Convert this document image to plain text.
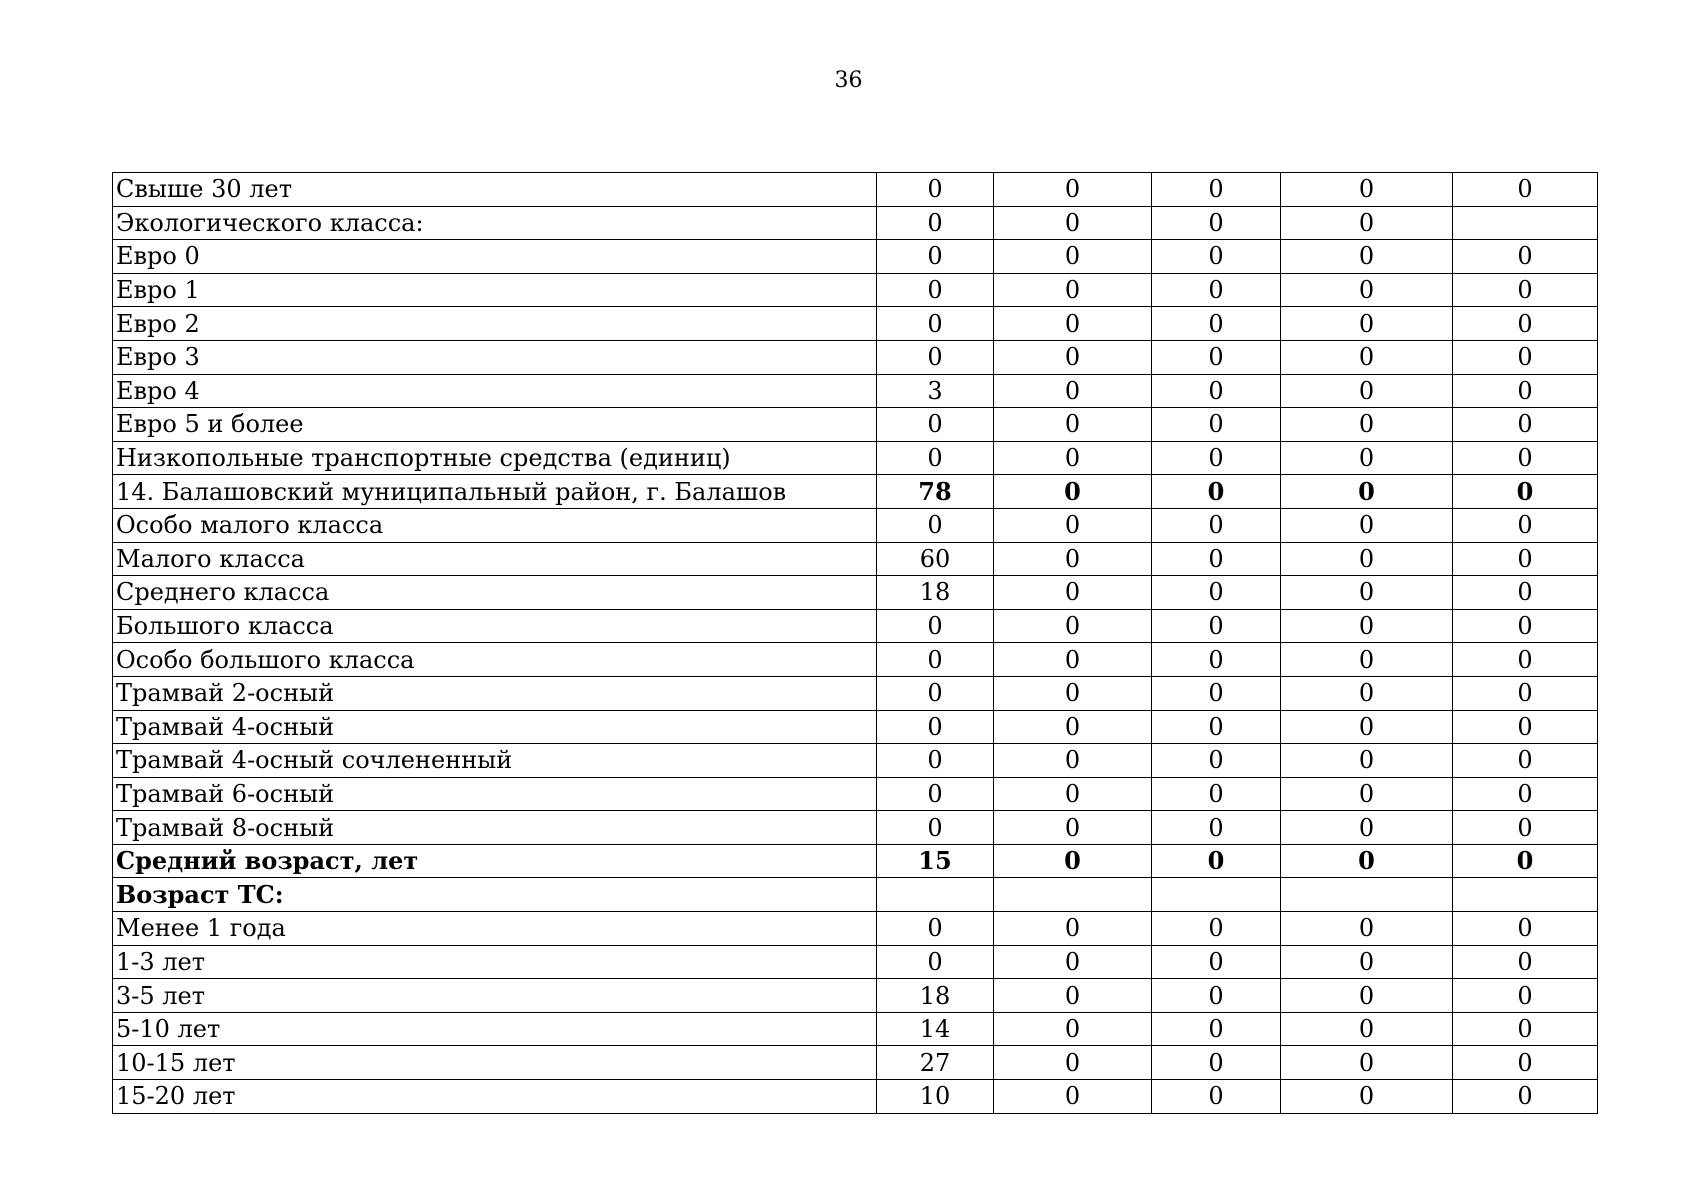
36
Свыше 30 лет	0	0	0	0	0
Экологического класса:	0	0	0	0	
Евро 0	0	0	0	0	0
Евро 1	0	0	0	0	0
Евро 2	0	0	0	0	0
Евро 3	0	0	0	0	0
Евро 4	3	0	0	0	0
Евро 5 и более	0	0	0	0	0
Низкопольные транспортные средства (единиц)	0	0	0	0	0
14. Балашовский муниципальный район, г. Балашов	78	0	0	0	0
Особо малого класса	0	0	0	0	0
Малого класса	60	0	0	0	0
Среднего класса	18	0	0	0	0
Большого класса	0	0	0	0	0
Особо большого класса	0	0	0	0	0
Трамвай 2-осный	0	0	0	0	0
Трамвай 4-осный	0	0	0	0	0
Трамвай 4-осный сочлененный	0	0	0	0	0
Трамвай 6-осный	0	0	0	0	0
Трамвай 8-осный	0	0	0	0	0
Средний возраст, лет	15	0	0	0	0
Возраст ТС:					
Менее 1 года	0	0	0	0	0
1-3 лет	0	0	0	0	0
3-5 лет	18	0	0	0	0
5-10 лет	14	0	0	0	0
10-15 лет	27	0	0	0	0
15-20 лет	10	0	0	0	0
